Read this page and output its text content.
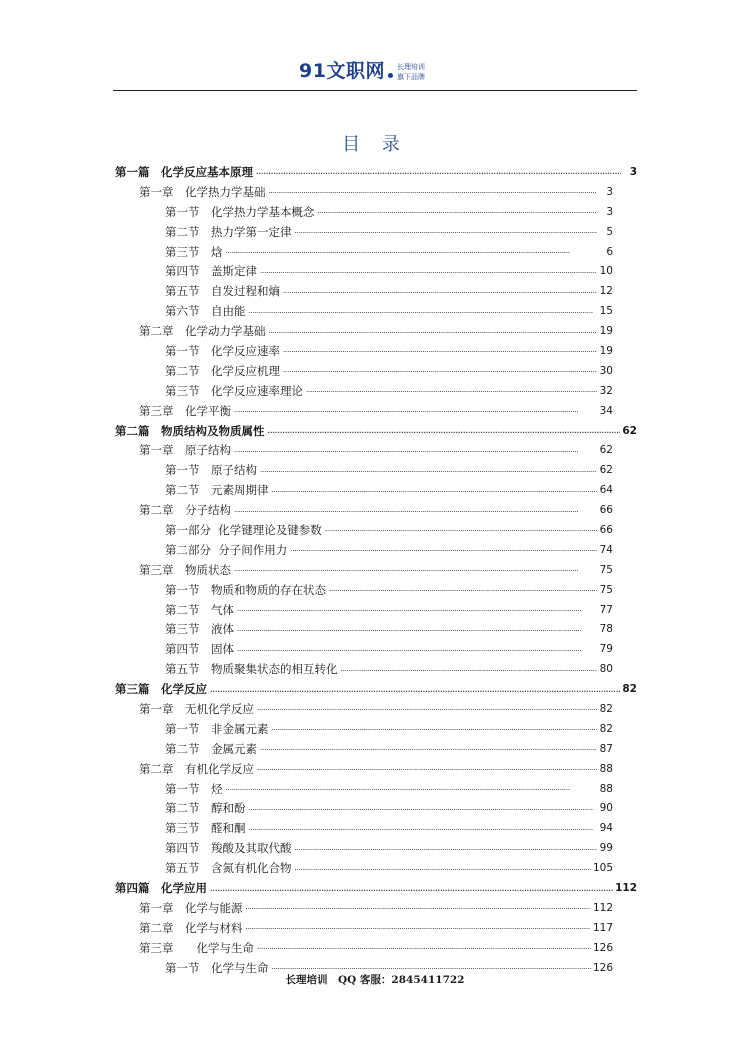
91文职网 长理培训
旗下品牌
目 录
第一篇　化学反应基本原理 . . .	3
第一章　化学热力学基础 . . .	3
第一节　化学热力学基本概念 . . .	3
第二节　热力学第一定律 . . .	5
第三节　焓 . . .	6
第四节　盖斯定律 . . .	10
第五节　自发过程和熵 . . .	12
第六节　自由能 . . .	15
第二章　化学动力学基础 . . .	19
第一节　化学反应速率 . . .	19
第二节　化学反应机理 . . .	30
第三节　化学反应速率理论 . . .	32
第三章　化学平衡 . . .	34
第二篇　物质结构及物质属性 . . .	62
第一章　原子结构 . . .	62
第一节　原子结构 . . .	62
第二节　元素周期律 . . .	64
第二章　分子结构 . . .	66
第一部分  化学键理论及键参数 . . .	66
第二部分  分子间作用力 . . .	74
第三章　物质状态 . . .	75
第一节　物质和物质的存在状态 . . .	75
第二节　气体 . . .	77
第三节　液体 . . .	78
第四节　固体 . . .	79
第五节　物质聚集状态的相互转化 . . .	80
第三篇　化学反应 . . .	82
第一章　无机化学反应 . . .	82
第一节　非金属元素 . . .	82
第二节　金属元素 . . .	87
第二章　有机化学反应 . . .	88
第一节　烃 . . .	88
第二节　醇和酚 . . .	90
第三节　醛和酮 . . .	94
第四节　羧酸及其取代酸 . . .	99
第五节　含氮有机化合物 . . .	105
第四篇　化学应用 . . .	112
第一章　化学与能源 . . .	112
第二章　化学与材料 . . .	117
第三章　　化学与生命 . . .	126
第一节　化学与生命 . . .	126
长理培训　QQ 客服：2845411722
